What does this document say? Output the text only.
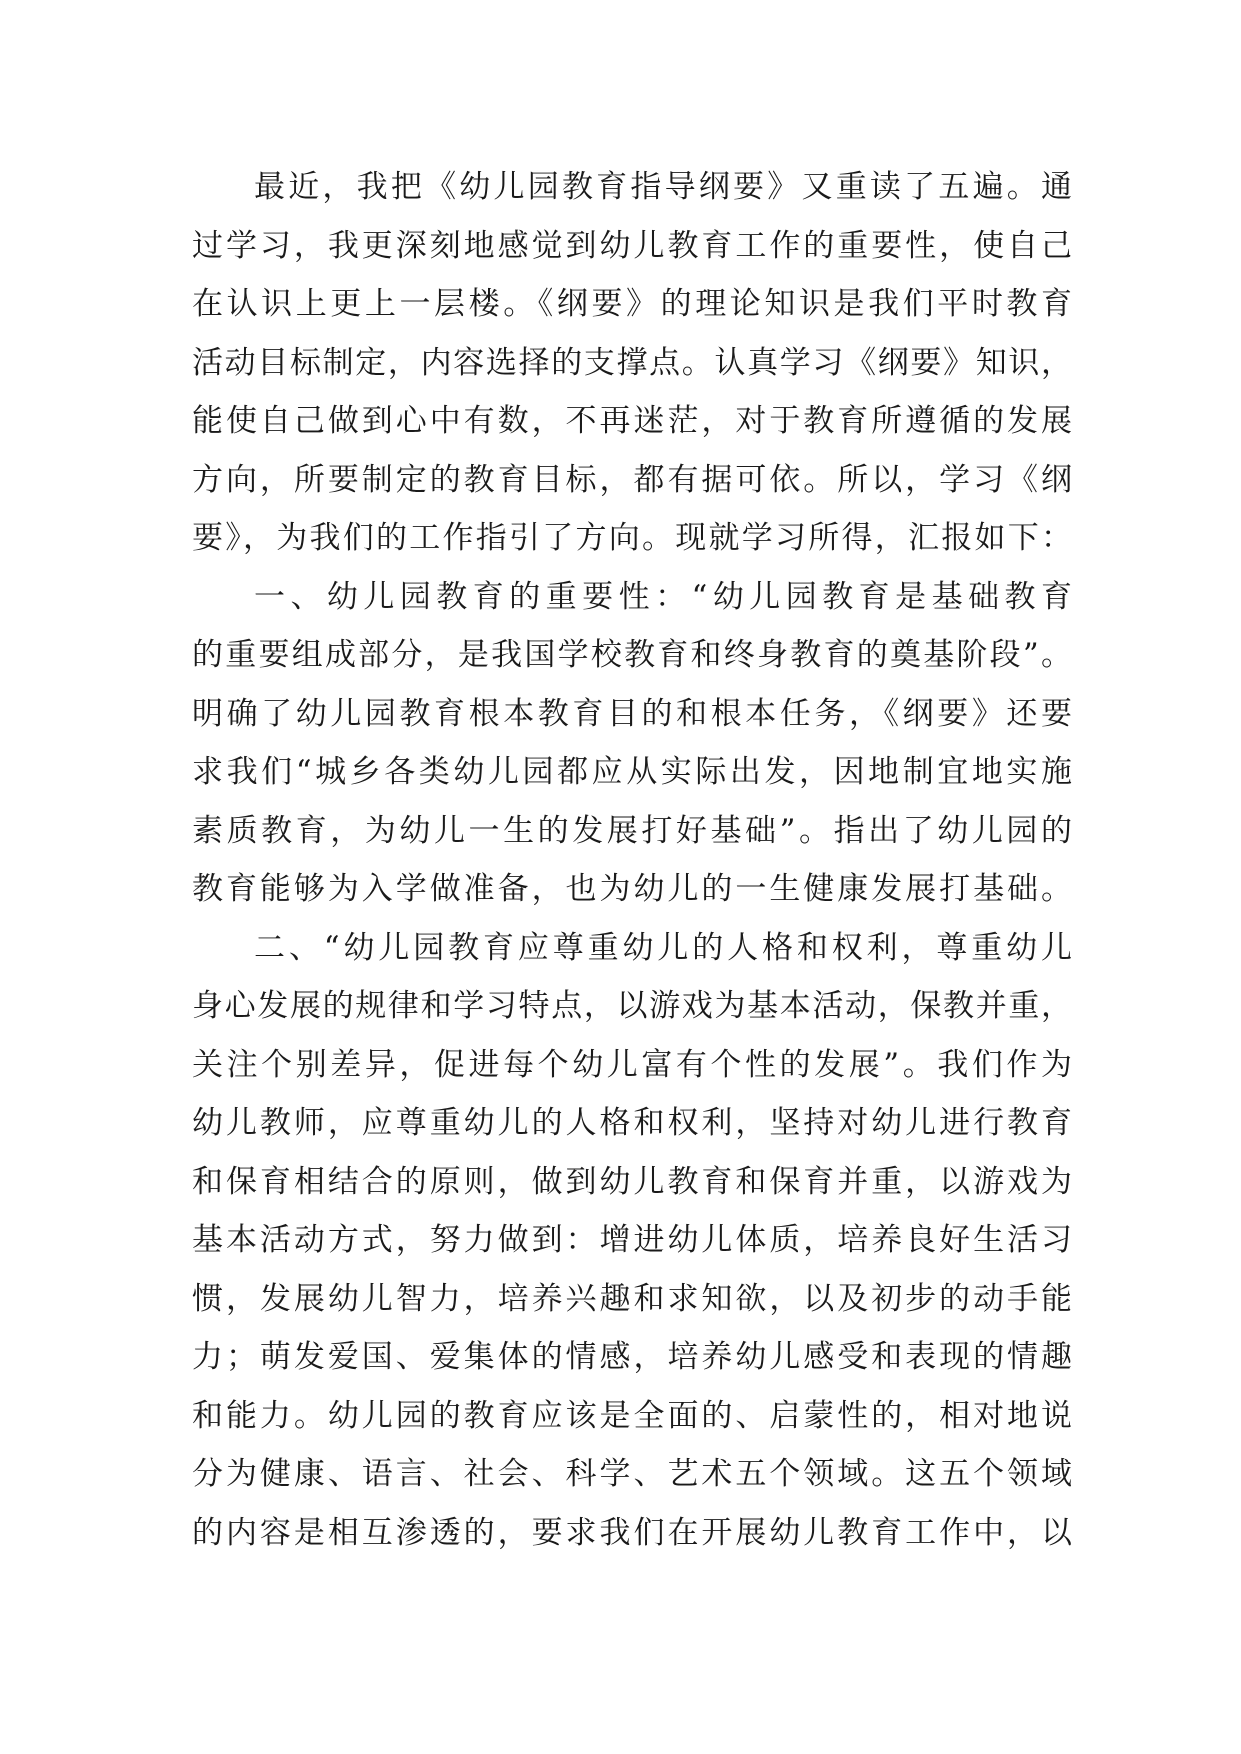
最近，我把《幼儿园教育指导纲要》又重读了五遍。通
过学习，我更深刻地感觉到幼儿教育工作的重要性，使自己
在认识上更上一层楼。《纲要》的理论知识是我们平时教育
活动目标制定，内容选择的支撑点。认真学习《纲要》知识，
能使自己做到心中有数，不再迷茫，对于教育所遵循的发展
方向，所要制定的教育目标，都有据可依。所以，学习《纲
要》，为我们的工作指引了方向。现就学习所得，汇报如下：
一、幼儿园教育的重要性：“幼儿园教育是基础教育
的重要组成部分，是我国学校教育和终身教育的奠基阶段”。
明确了幼儿园教育根本教育目的和根本任务，《纲要》还要
求我们“城乡各类幼儿园都应从实际出发，因地制宜地实施
素质教育，为幼儿一生的发展打好基础”。指出了幼儿园的
教育能够为入学做准备，也为幼儿的一生健康发展打基础。
二、“幼儿园教育应尊重幼儿的人格和权利，尊重幼儿
身心发展的规律和学习特点，以游戏为基本活动，保教并重，
关注个别差异，促进每个幼儿富有个性的发展”。我们作为
幼儿教师，应尊重幼儿的人格和权利，坚持对幼儿进行教育
和保育相结合的原则，做到幼儿教育和保育并重，以游戏为
基本活动方式，努力做到：增进幼儿体质，培养良好生活习
惯，发展幼儿智力，培养兴趣和求知欲，以及初步的动手能
力；萌发爱国、爱集体的情感，培养幼儿感受和表现的情趣
和能力。幼儿园的教育应该是全面的、启蒙性的，相对地说
分为健康、语言、社会、科学、艺术五个领域。这五个领域
的内容是相互渗透的，要求我们在开展幼儿教育工作中，以
